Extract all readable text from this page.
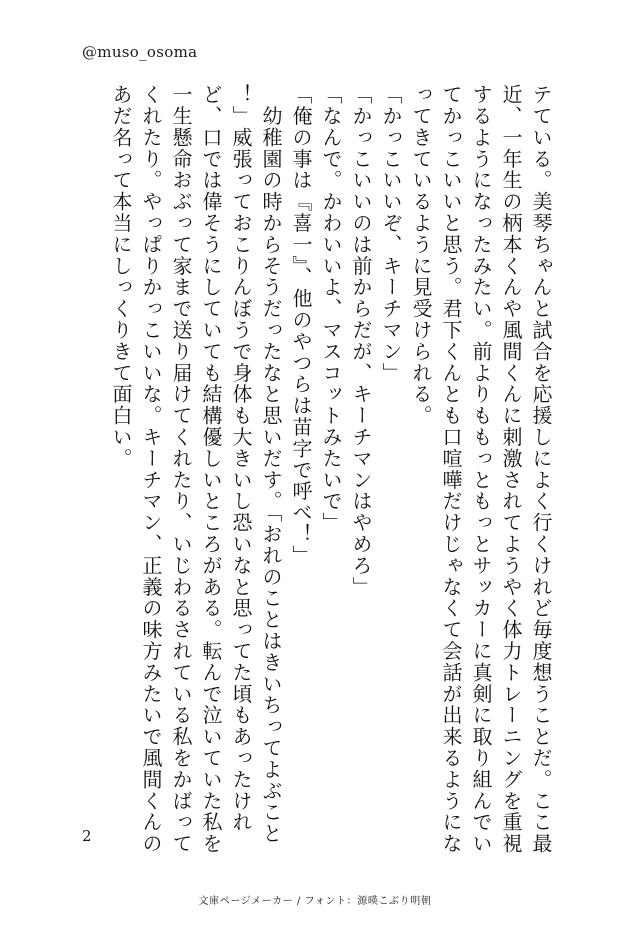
@muso_osoma
テている。美琴ちゃんと試合を応援しによく行くけれど毎度想うことだ。ここ最
近、一年生の柄本くんや風間くんに刺激されてようやく体力トレーニングを重視
するようになったみたい。前よりももっともっとサッカーに真剣に取り組んでい
てかっこいいと思う。君下くんとも口喧嘩だけじゃなくて会話が出来るようにな
ってきているように見受けられる。
「かっこいいぞ、キーチマン」
「かっこいいのは前からだが、キーチマンはやめろ」
「なんで。かわいいよ、マスコットみたいで」
「俺の事は『喜一』、他のやつらは苗字で呼べ！」
　幼稚園の時からそうだったなと思いだす。「おれのことはきいちってよぶこと
！」威張っておこりんぼうで身体も大きいし恐いなと思ってた頃もあったけれ
ど、口では偉そうにしていても結構優しいところがある。転んで泣いていた私を
一生懸命おぶって家まで送り届けてくれたり、いじわるされている私をかばって
くれたり。やっぱりかっこいいな。キーチマン、正義の味方みたいで風間くんの
あだ名って本当にしっくりきて面白い。
2
文庫ページメーカー / フォント：源暎こぶり明朝
